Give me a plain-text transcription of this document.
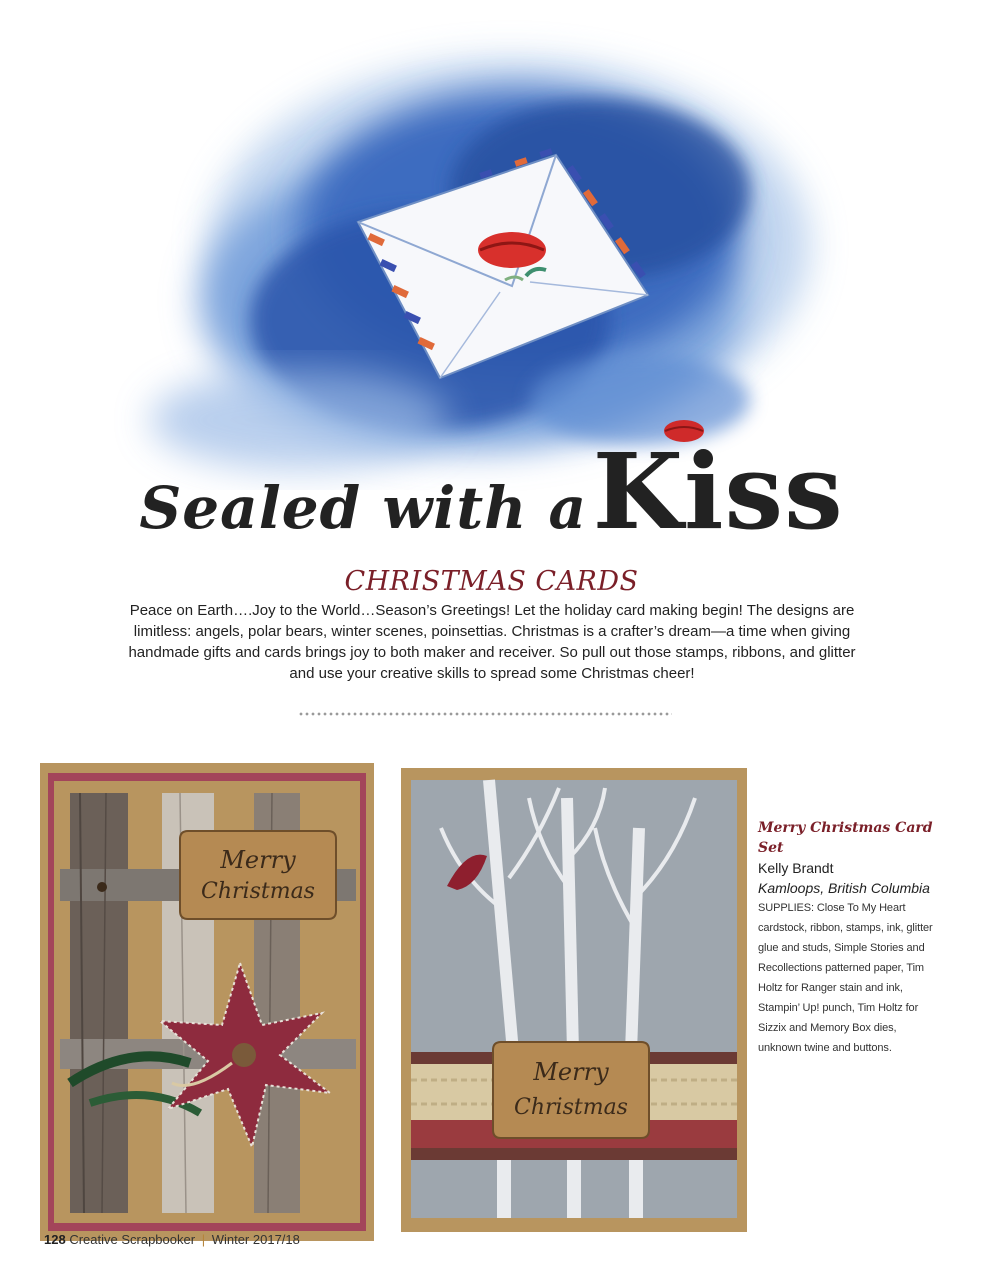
Sealed with a Kiss
CHRISTMAS CARDS
Peace on Earth….Joy to the World…Season’s Greetings! Let the holiday card making begin! The designs are limitless: angels, polar bears, winter scenes, poinsettias. Christmas is a crafter’s dream—a time when giving handmade gifts and cards brings joy to both maker and receiver. So pull out those stamps, ribbons, and glitter and use your creative skills to spread some Christmas cheer!
Merry
Christmas
Merry
Christmas
Merry Christmas Card Set
Kelly Brandt
Kamloops, British Columbia
SUPPLIES: Close To My Heart cardstock, ribbon, stamps, ink, glitter glue and studs, Simple Stories and Recollections patterned paper, Tim Holtz for Ranger stain and ink, Stampin’ Up! punch, Tim Holtz for Sizzix and Memory Box dies, unknown twine and buttons.
128 Creative Scrapbooker | Winter 2017/18
